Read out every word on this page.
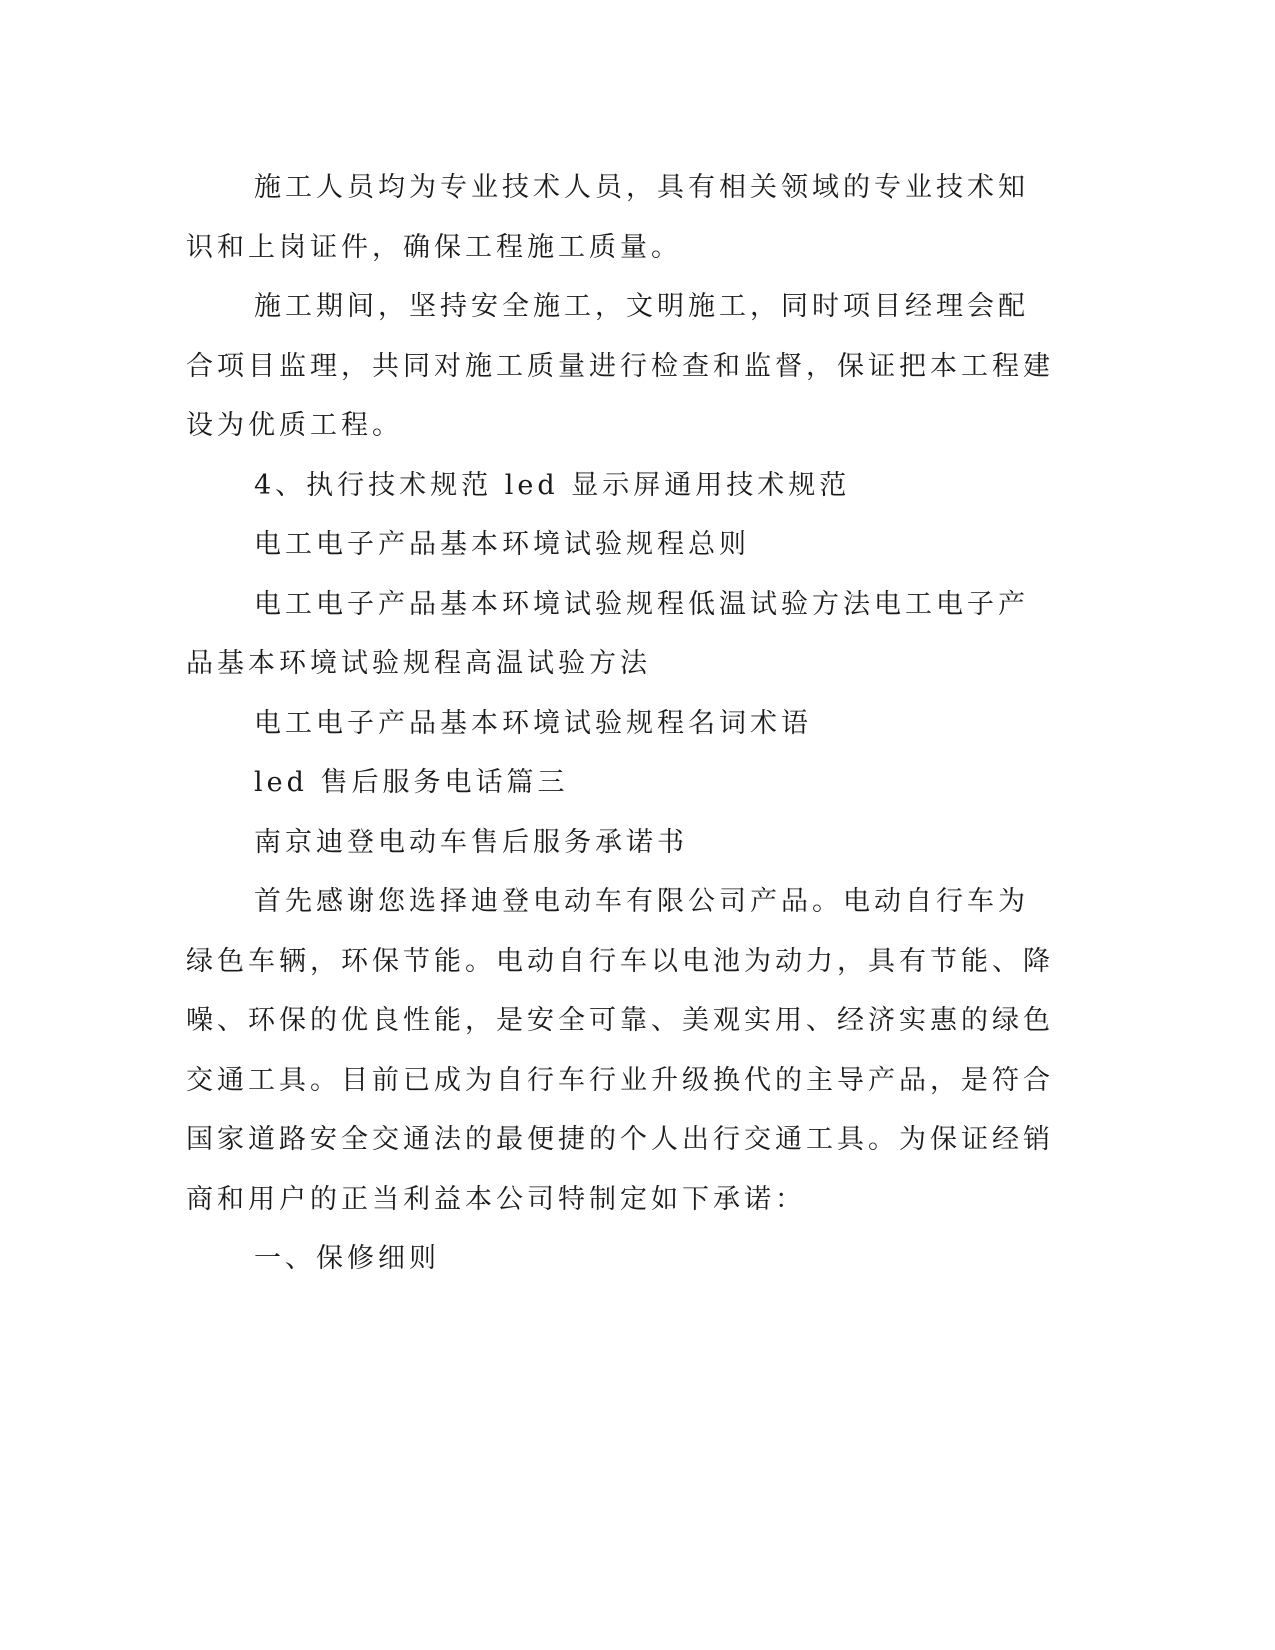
施工人员均为专业技术人员，具有相关领域的专业技术知识和上岗证件，确保工程施工质量。

施工期间，坚持安全施工，文明施工，同时项目经理会配合项目监理，共同对施工质量进行检查和监督，保证把本工程建设为优质工程。

4、执行技术规范 led 显示屏通用技术规范

电工电子产品基本环境试验规程总则

电工电子产品基本环境试验规程低温试验方法电工电子产品基本环境试验规程高温试验方法

电工电子产品基本环境试验规程名词术语

led 售后服务电话篇三

南京迪登电动车售后服务承诺书

首先感谢您选择迪登电动车有限公司产品。电动自行车为绿色车辆，环保节能。电动自行车以电池为动力，具有节能、降噪、环保的优良性能，是安全可靠、美观实用、经济实惠的绿色交通工具。目前已成为自行车行业升级换代的主导产品，是符合国家道路安全交通法的最便捷的个人出行交通工具。为保证经销商和用户的正当利益本公司特制定如下承诺：

一、保修细则
